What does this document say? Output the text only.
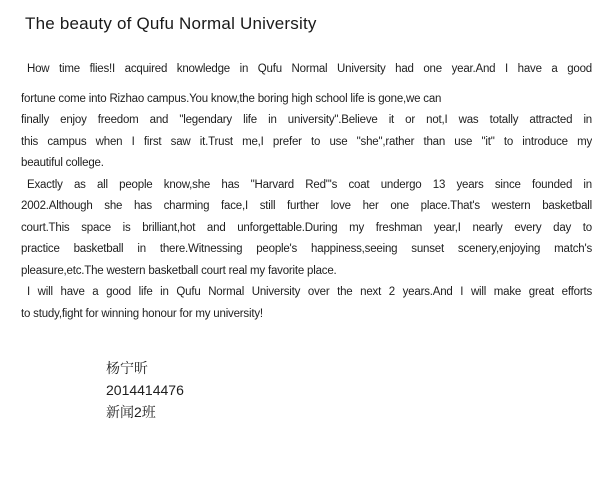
The beauty of Qufu Normal University
How time flies!I acquired knowledge in Qufu Normal University had one year.And I have a good
fortune come into Rizhao campus.You know,the boring high school life is gone,we can
finally enjoy freedom and "legendary life in university".Believe it or not,I was totally attracted in
this campus when I first saw it.Trust me,I prefer to use "she",rather than use "it" to introduce my
beautiful college.
Exactly as all people know,she has "Harvard Red"'s coat undergo 13 years since founded in
2002.Although she has charming face,I still further love her one place.That's western basketball
court.This space is brilliant,hot and unforgettable.During my freshman year,I nearly every day to
practice basketball in there.Witnessing people's happiness,seeing sunset scenery,enjoying match's
pleasure,etc.The western basketball court real my favorite place.
I will have a good life in Qufu Normal University over the next 2 years.And I will make great efforts
to study,fight for winning honour for my university!
杨宁昕
2014414476
新闻2班
